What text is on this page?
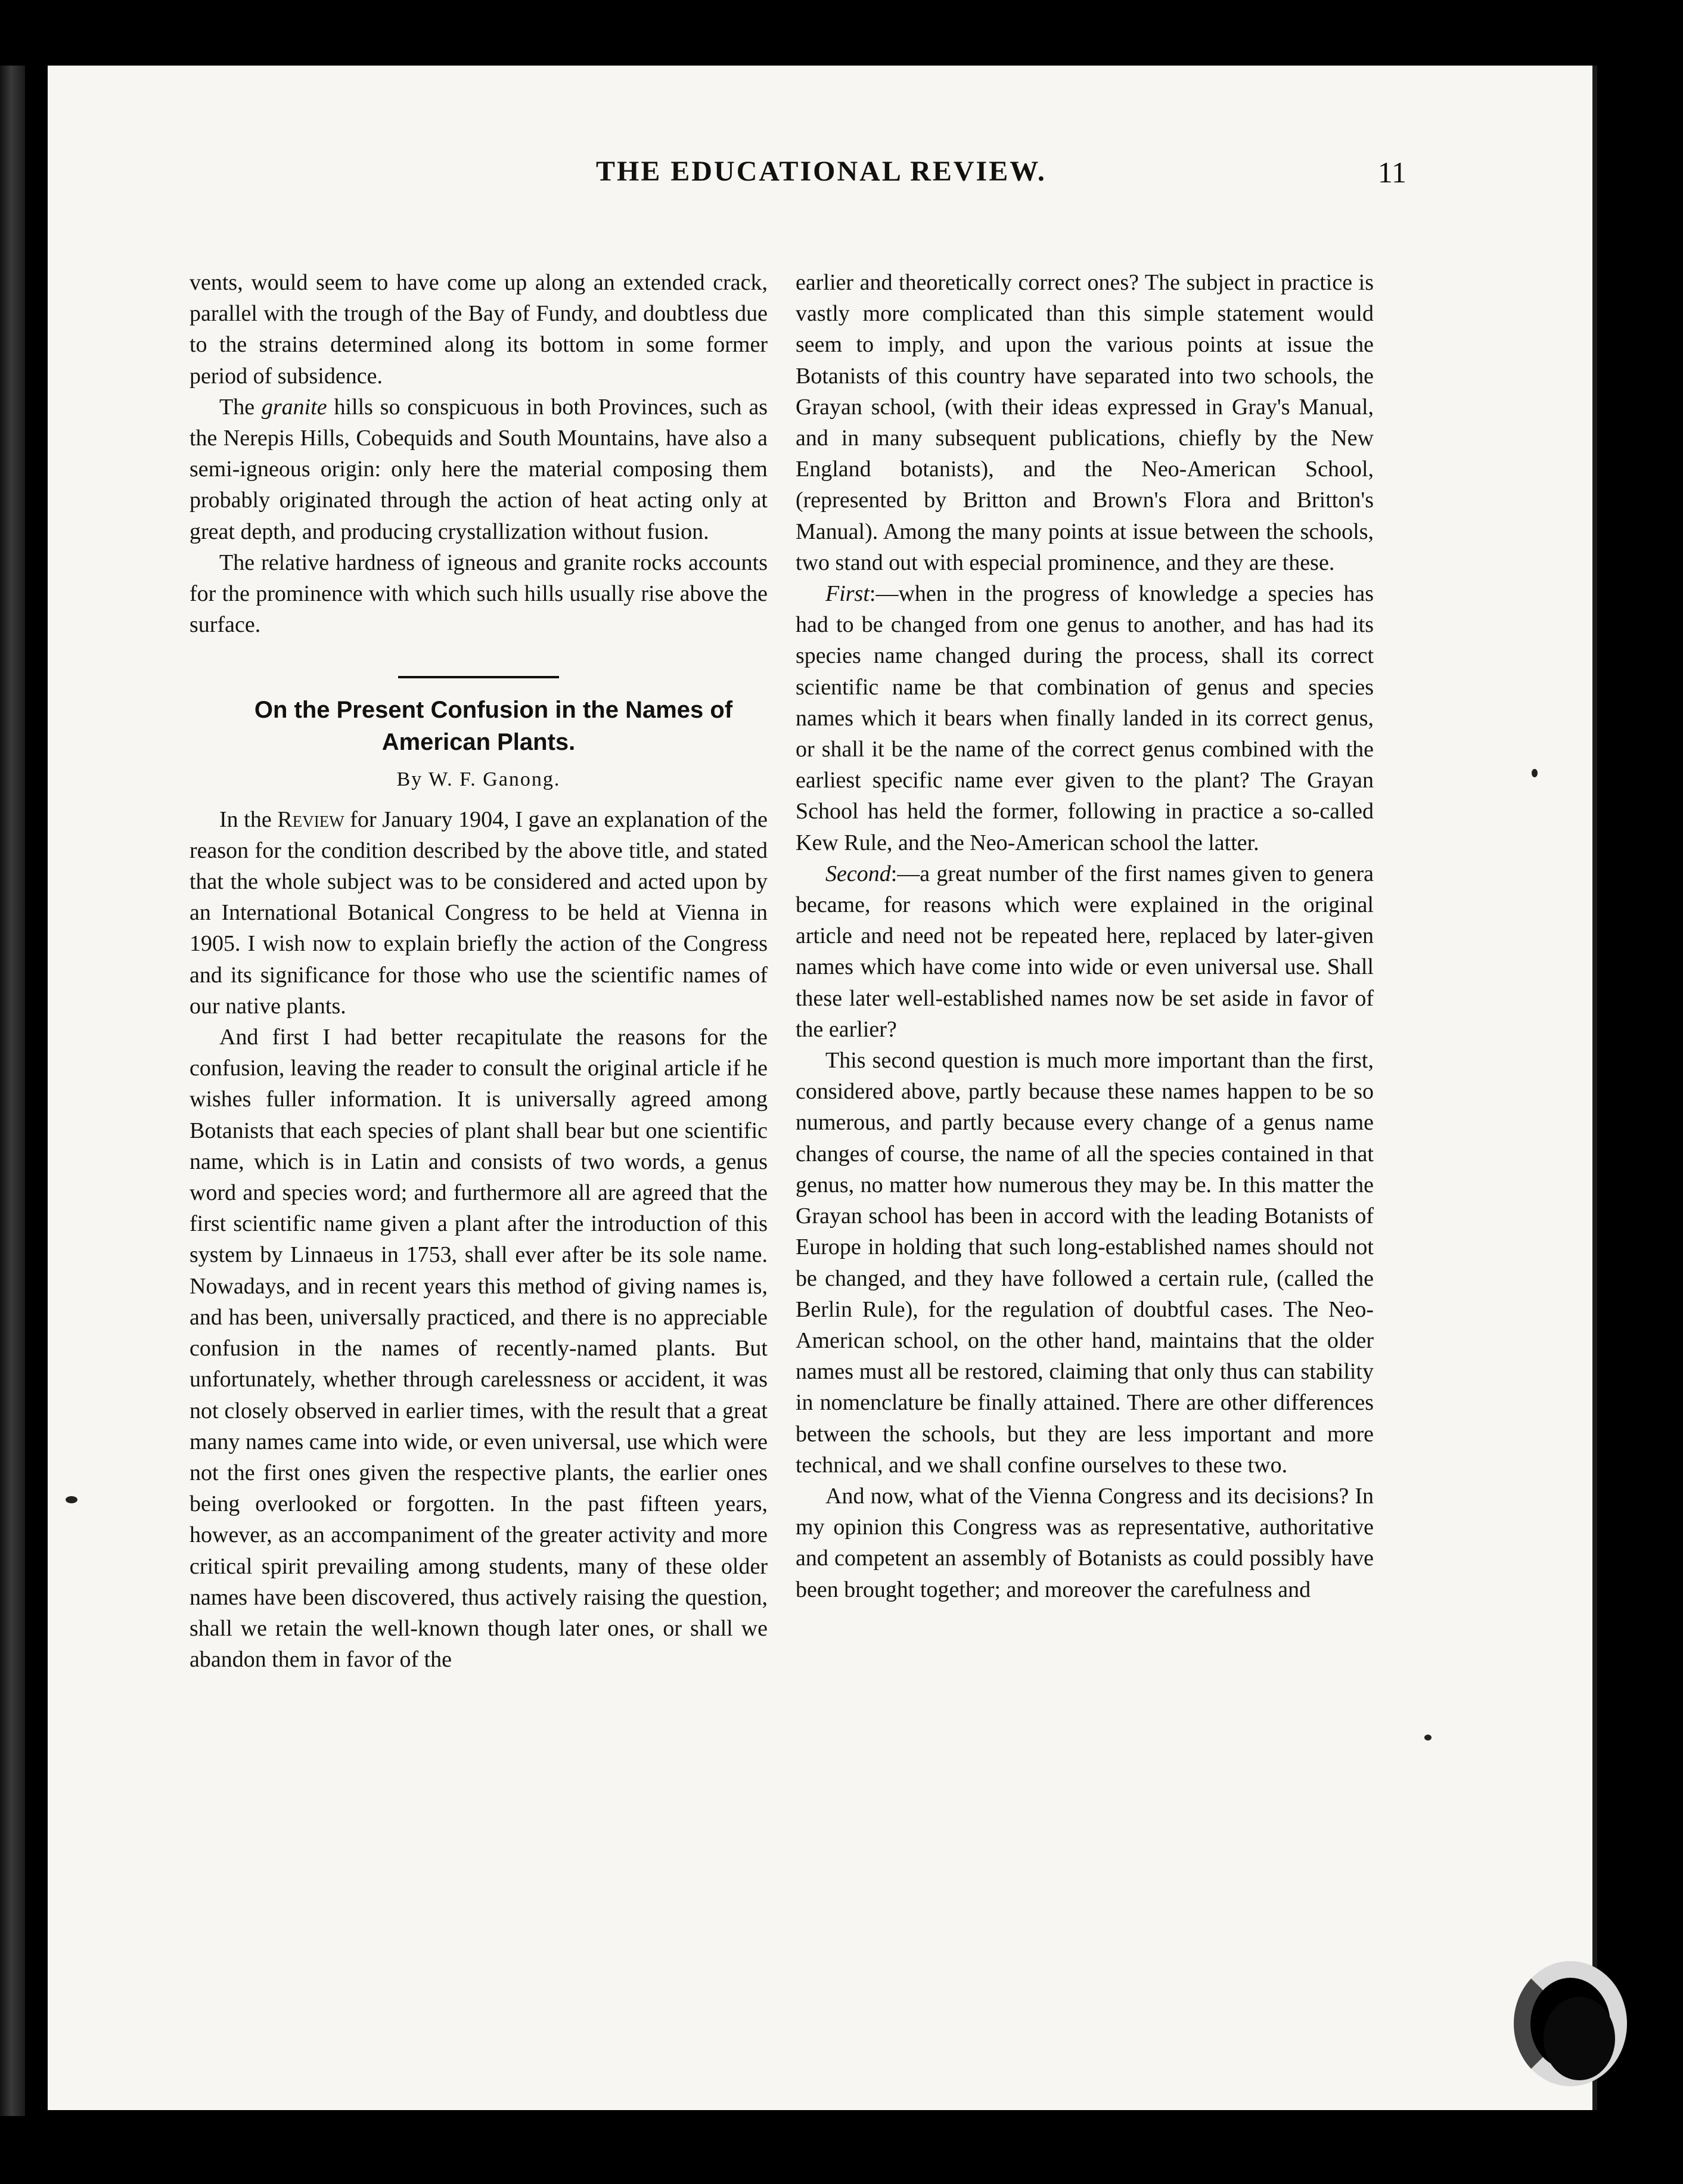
THE EDUCATIONAL REVIEW.	11

vents, would seem to have come up along an extended crack, parallel with the trough of the Bay of Fundy, and doubtless due to the strains determined along its bottom in some former period of subsidence.

The granite hills so conspicuous in both Provinces, such as the Nerepis Hills, Cobequids and South Mountains, have also a semi-igneous origin: only here the material composing them probably originated through the action of heat acting only at great depth, and producing crystallization without fusion.

The relative hardness of igneous and granite rocks accounts for the prominence with which such hills usually rise above the surface.

On the Present Confusion in the Names of
American Plants.

By W. F. Ganong.

In the Review for January 1904, I gave an explanation of the reason for the condition described by the above title, and stated that the whole subject was to be considered and acted upon by an International Botanical Congress to be held at Vienna in 1905. I wish now to explain briefly the action of the Congress and its significance for those who use the scientific names of our native plants.

And first I had better recapitulate the reasons for the confusion, leaving the reader to consult the original article if he wishes fuller information. It is universally agreed among Botanists that each species of plant shall bear but one scientific name, which is in Latin and consists of two words, a genus word and species word; and furthermore all are agreed that the first scientific name given a plant after the introduction of this system by Linnaeus in 1753, shall ever after be its sole name. Nowadays, and in recent years this method of giving names is, and has been, universally practiced, and there is no appreciable confusion in the names of recently-named plants. But unfortunately, whether through carelessness or accident, it was not closely observed in earlier times, with the result that a great many names came into wide, or even universal, use which were not the first ones given the respective plants, the earlier ones being overlooked or forgotten. In the past fifteen years, however, as an accompaniment of the greater activity and more critical spirit prevailing among students, many of these older names have been discovered, thus actively raising the question, shall we retain the well-known though later ones, or shall we abandon them in favor of the

earlier and theoretically correct ones? The subject in practice is vastly more complicated than this simple statement would seem to imply, and upon the various points at issue the Botanists of this country have separated into two schools, the Grayan school, (with their ideas expressed in Gray's Manual, and in many subsequent publications, chiefly by the New England botanists), and the Neo-American School, (represented by Britton and Brown's Flora and Britton's Manual). Among the many points at issue between the schools, two stand out with especial prominence, and they are these.

First:—when in the progress of knowledge a species has had to be changed from one genus to another, and has had its species name changed during the process, shall its correct scientific name be that combination of genus and species names which it bears when finally landed in its correct genus, or shall it be the name of the correct genus combined with the earliest specific name ever given to the plant? The Grayan School has held the former, following in practice a so-called Kew Rule, and the Neo-American school the latter.

Second:—a great number of the first names given to genera became, for reasons which were explained in the original article and need not be repeated here, replaced by later-given names which have come into wide or even universal use. Shall these later well-established names now be set aside in favor of the earlier?

This second question is much more important than the first, considered above, partly because these names happen to be so numerous, and partly because every change of a genus name changes of course, the name of all the species contained in that genus, no matter how numerous they may be. In this matter the Grayan school has been in accord with the leading Botanists of Europe in holding that such long-established names should not be changed, and they have followed a certain rule, (called the Berlin Rule), for the regulation of doubtful cases. The Neo-American school, on the other hand, maintains that the older names must all be restored, claiming that only thus can stability in nomenclature be finally attained. There are other differences between the schools, but they are less important and more technical, and we shall confine ourselves to these two.

And now, what of the Vienna Congress and its decisions? In my opinion this Congress was as representative, authoritative and competent an assembly of Botanists as could possibly have been brought together; and moreover the carefulness and
